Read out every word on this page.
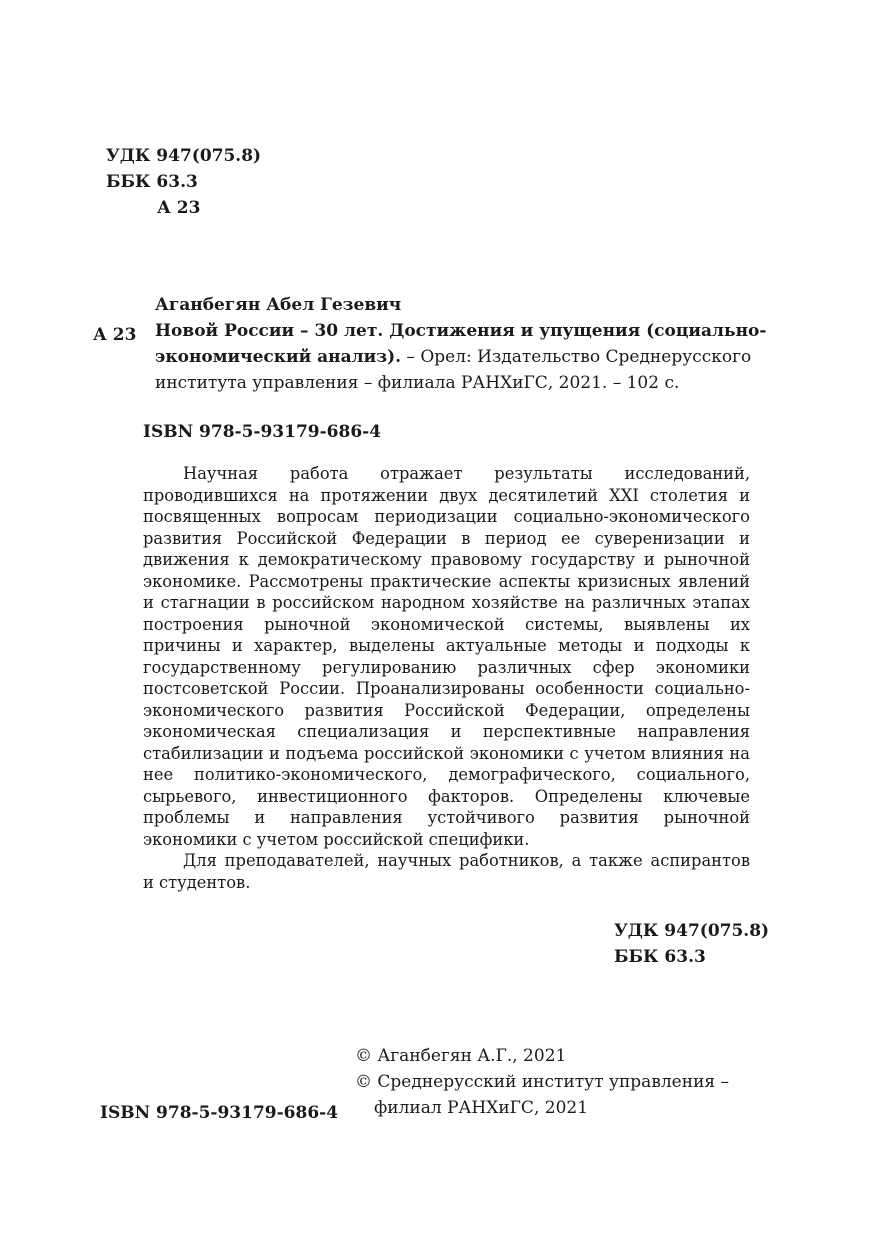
УДК 947(075.8)
ББК 63.3
А 23
Аганбегян Абел Гезевич
А 23 Новой России – 30 лет. Достижения и упущения (социально-
экономический анализ). – Орел: Издательство Среднерусского
института управления – филиала РАНХиГС, 2021. – 102 с.
ISBN 978-5-93179-686-4

Научная работа отражает результаты исследований, проводившихся на протяжении двух десятилетий XXI столетия и посвященных вопросам периодизации социально-экономического развития Российской Федерации в период ее суверенизации и движения к демократическому правовому государству и рыночной экономике. Рассмотрены практические аспекты кризисных явлений и стагнации в российском народном хозяйстве на различных этапах построения рыночной экономической системы, выявлены их причины и характер, выделены актуальные методы и подходы к государственному регулированию различных сфер экономики постсоветской России. Проанализированы особенности социально-экономического развития Российской Федерации, определены экономическая специализация и перспективные направления стабилизации и подъема российской экономики с учетом влияния на нее политико-экономического, демографического, социального, сырьевого, инвестиционного факторов. Определены ключевые проблемы и направления устойчивого развития рыночной экономики с учетом российской специфики.

Для преподавателей, научных работников, а также аспирантов и студентов.

УДК 947(075.8)
ББК 63.3
© Аганбегян А.Г., 2021
© Среднерусский институт управления –
филиал РАНХиГС, 2021
ISBN 978-5-93179-686-4
